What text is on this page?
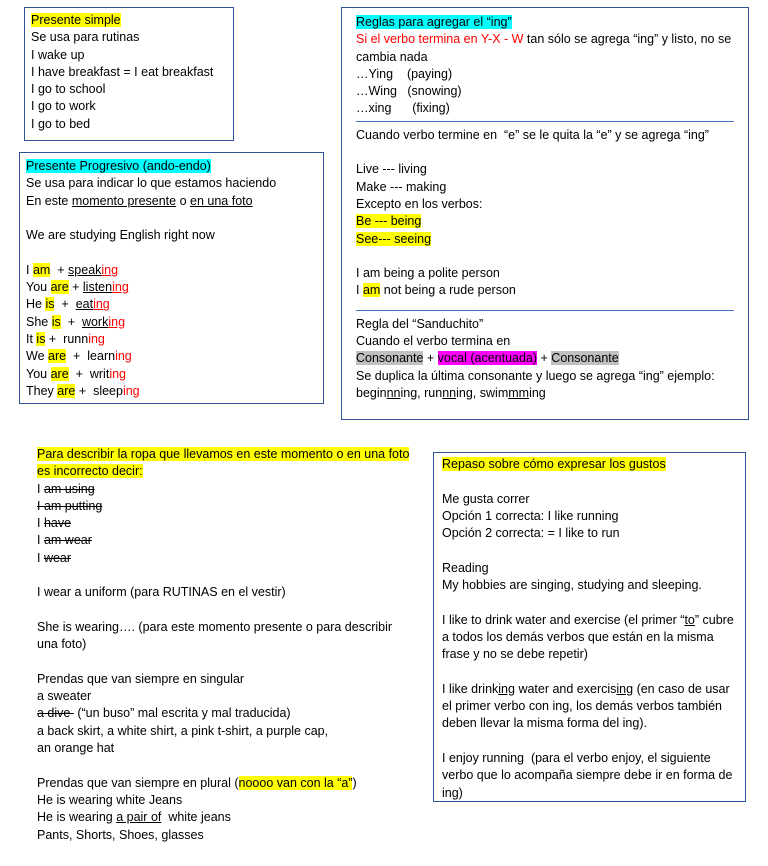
Presente simple
Se usa para rutinas
I wake up
I have breakfast = I eat breakfast
I go to school
I go to work
I go to bed
Presente Progresivo (ando-endo)
Se usa para indicar lo que estamos haciendo
En este momento presente o en una foto
We are studying English right now
I am  + speaking
You are + listening
He is  +  eating
She is  +  working
It is +  running
We are  +  learning
You are  +  writing
They are +  sleeping
Reglas para agregar el “ing”
Si el verbo termina en Y-X - W tan sólo se agrega “ing” y listo, no se cambia nada
…Ying    (paying)
…Wing   (snowing)
…xing      (fixing)
Cuando verbo termine en  “e” se le quita la “e” y se agrega “ing”
Live --- living
Make --- making
Excepto en los verbos:
Be --- being
See--- seeing
I am being a polite person
I am not being a rude person
Regla del “Sanduchito”
Cuando el verbo termina en
Consonante + vocal (acentuada) + Consonante
Se duplica la última consonante y luego se agrega “ing” ejemplo:
beginnning, runnning, swimmming
Para describir la ropa que llevamos en este momento o en una foto es incorrecto decir:
I am using
I am putting
I have
I am wear
I wear
I wear a uniform (para RUTINAS en el vestir)
She is wearing…. (para este momento presente o para describir una foto)
Prendas que van siempre en singular
a sweater
a dive  (“un buso” mal escrita y mal traducida)
a back skirt, a white shirt, a pink t-shirt, a purple cap,
an orange hat
Prendas que van siempre en plural (noooo van con la “a”)
He is wearing white Jeans
He is wearing a pair of  white jeans
Pants, Shorts, Shoes, glasses
Repaso sobre cómo expresar los gustos
Me gusta correr
Opción 1 correcta: I like running
Opción 2 correcta: = I like to run
Reading
My hobbies are singing, studying and sleeping.
I like to drink water and exercise (el primer “to” cubre a todos los demás verbos que están en la misma frase y no se debe repetir)
I like drinking water and exercising (en caso de usar el primer verbo con ing, los demás verbos también deben llevar la misma forma del ing).
I enjoy running  (para el verbo enjoy, el siguiente verbo que lo acompaña siempre debe ir en forma de ing)
